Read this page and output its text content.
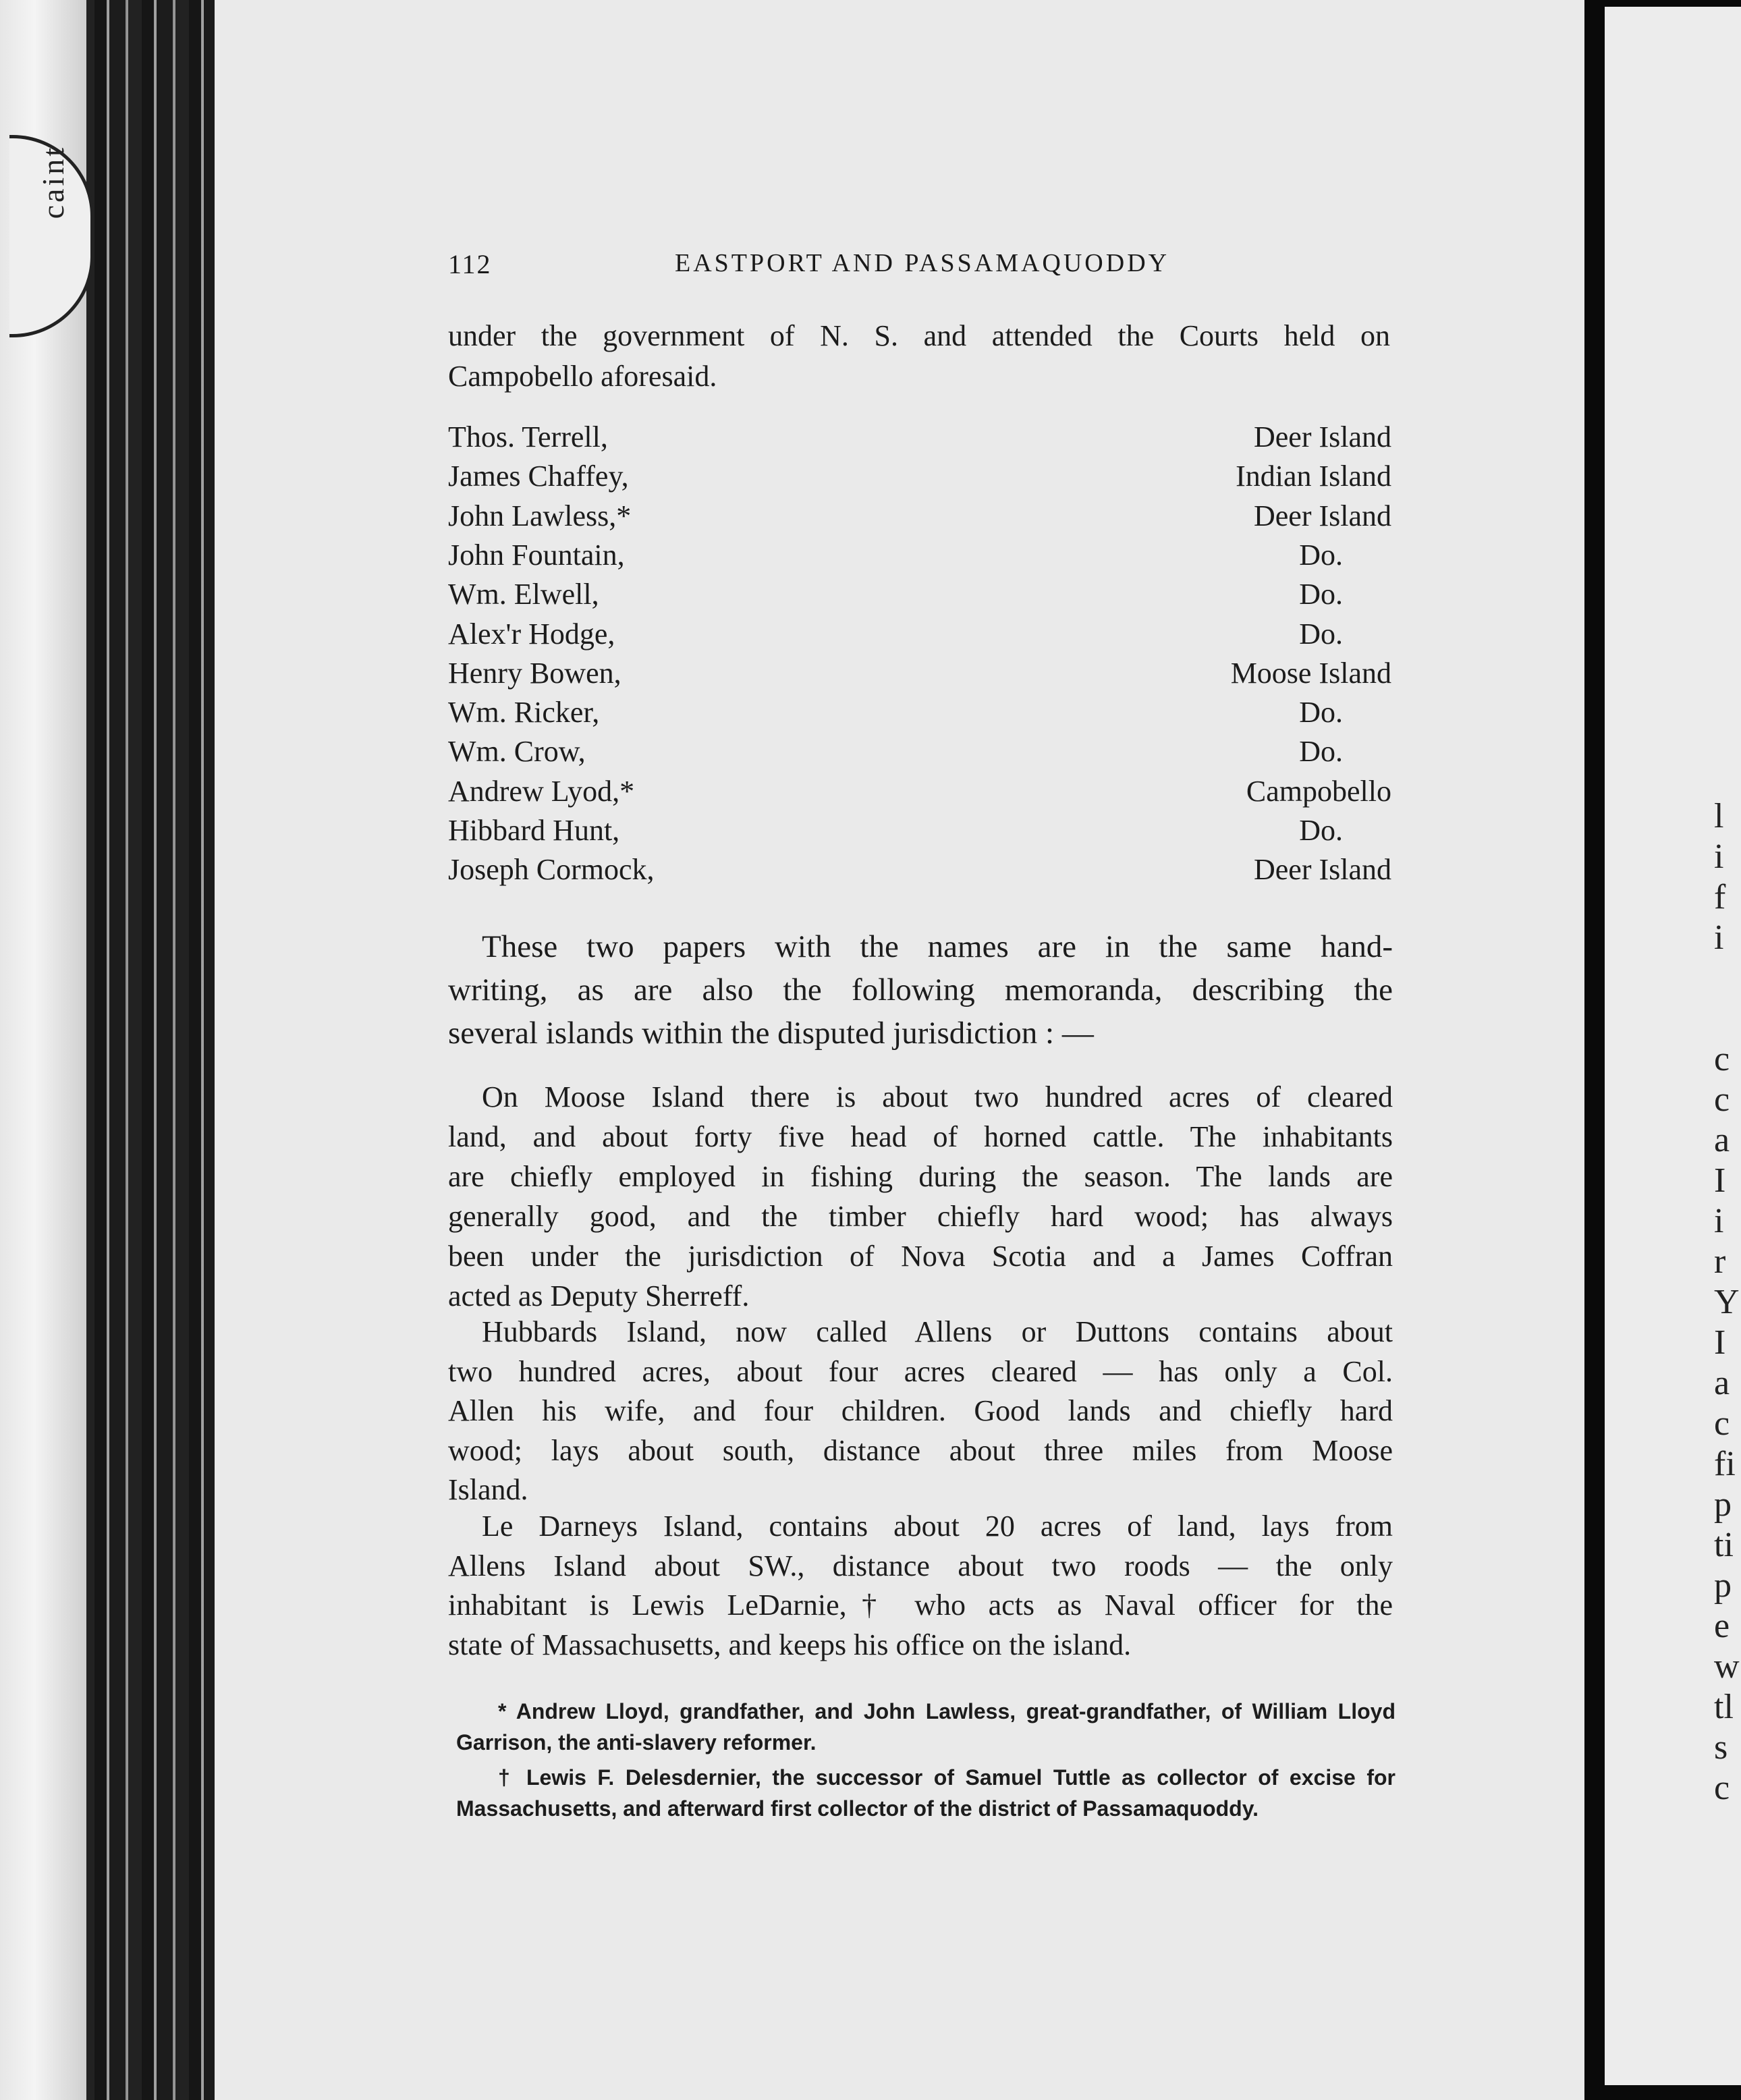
caint
l
i
f
i
c
c
a
I
i
r
Y
I
a
c
fi
p
ti
p
e
w
tl
s
c
112	EASTPORT AND PASSAMAQUODDY
under the government of N. S. and attended the Courts held on
Campobello aforesaid.
Thos. Terrell,	Deer Island
James Chaffey,	Indian Island
John Lawless,*	Deer Island
John Fountain,	Do.
Wm. Elwell,	Do.
Alex'r Hodge,	Do.
Henry Bowen,	Moose Island
Wm. Ricker,	Do.
Wm. Crow,	Do.
Andrew Lyod,*	Campobello
Hibbard Hunt,	Do.
Joseph Cormock,	Deer Island
These two papers with the names are in the same hand-
writing, as are also the following memoranda, describing the
several islands within the disputed jurisdiction : —
On Moose Island there is about two hundred acres of cleared
land, and about forty five head of horned cattle. The inhabitants
are chiefly employed in fishing during the season. The lands are
generally good, and the timber chiefly hard wood; has always
been under the jurisdiction of Nova Scotia and a James Coffran
acted as Deputy Sherreff.
Hubbards Island, now called Allens or Duttons contains about
two hundred acres, about four acres cleared — has only a Col.
Allen his wife, and four children. Good lands and chiefly hard
wood; lays about south, distance about three miles from Moose
Island.
Le Darneys Island, contains about 20 acres of land, lays from
Allens Island about SW., distance about two roods — the only
inhabitant is Lewis LeDarnie,† who acts as Naval officer for the
state of Massachusetts, and keeps his office on the island.
* Andrew Lloyd, grandfather, and John Lawless, great-grandfather, of William Lloyd
Garrison, the anti-slavery reformer.
† Lewis F. Delesdernier, the successor of Samuel Tuttle as collector of excise for
Massachusetts, and afterward first collector of the district of Passamaquoddy.
